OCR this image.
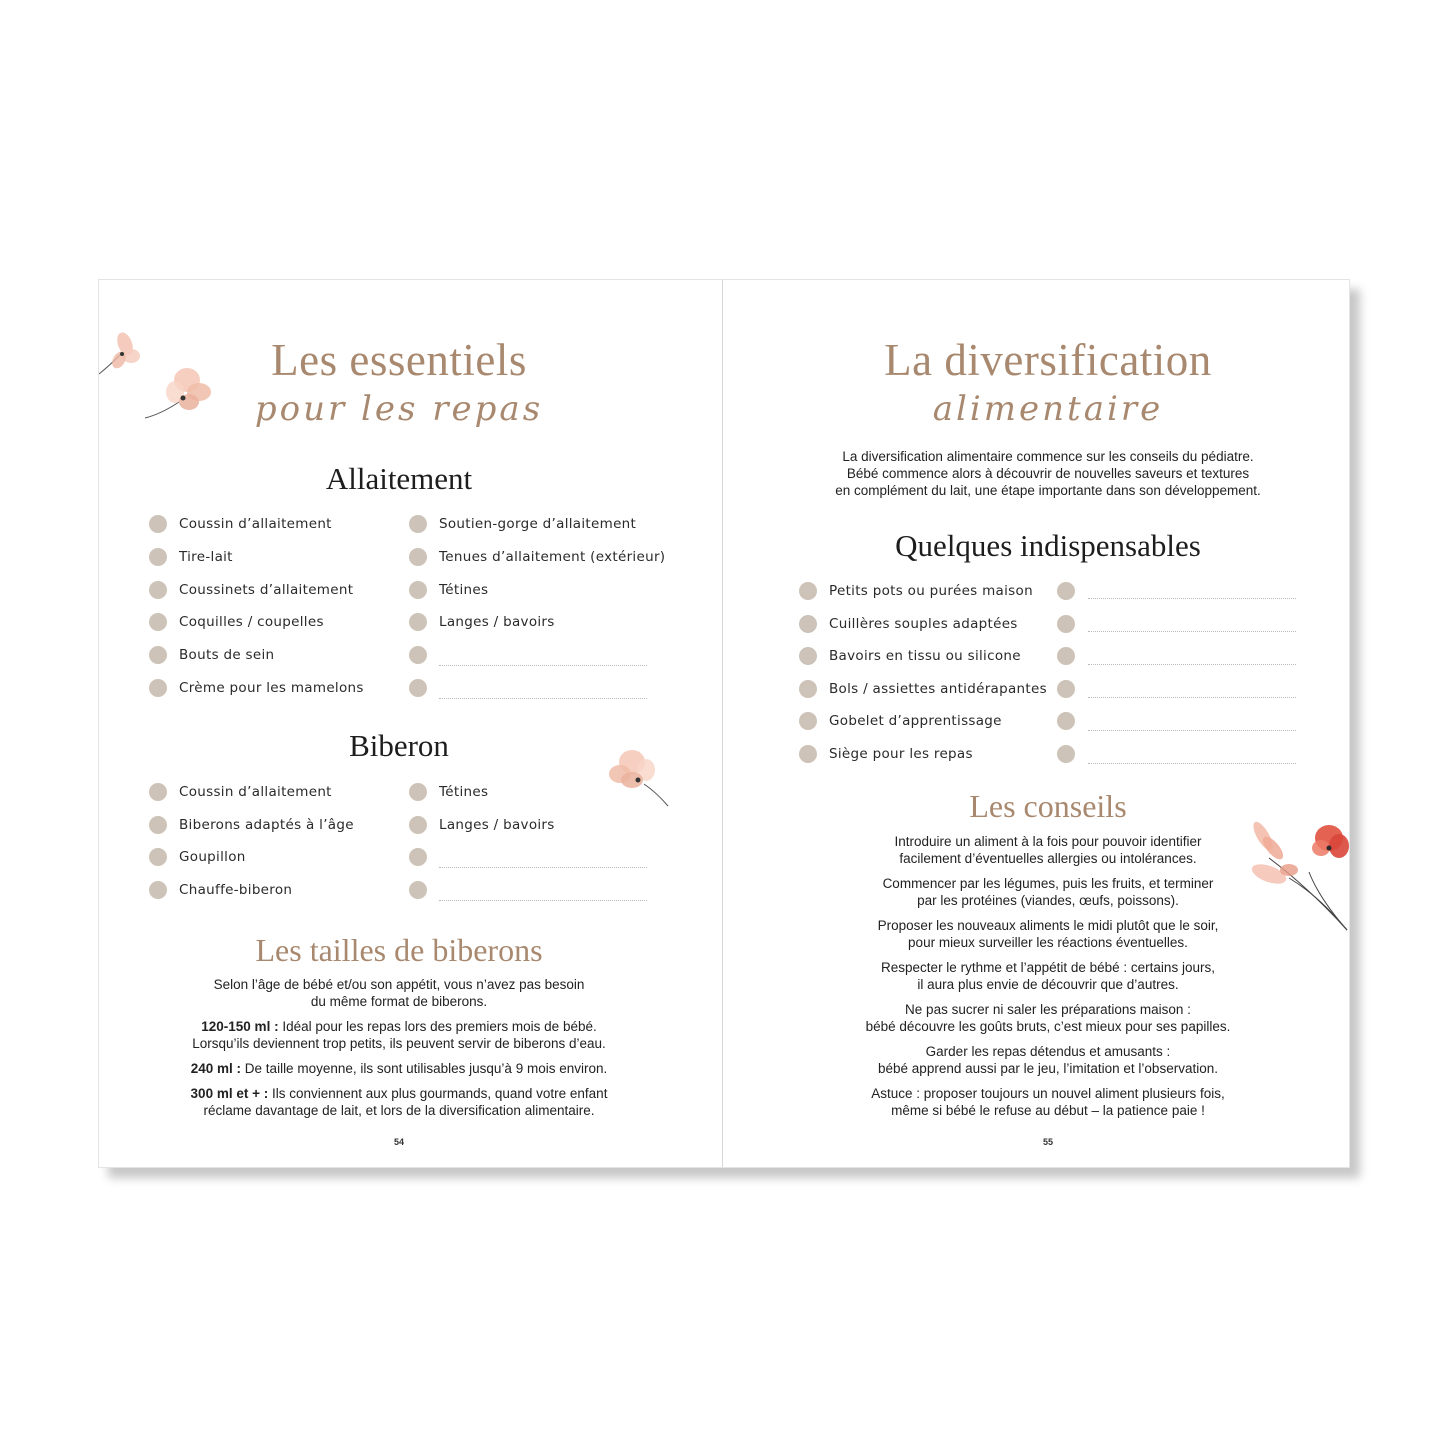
Les essentiels
pour les repas
Allaitement
Coussin d’allaitement
Tire-lait
Coussinets d’allaitement
Coquilles / coupelles
Bouts de sein
Crème pour les mamelons
Soutien-gorge d’allaitement
Tenues d’allaitement (extérieur)
Tétines
Langes / bavoirs
Biberon
Coussin d’allaitement
Biberons adaptés à l’âge
Goupillon
Chauffe-biberon
Tétines
Langes / bavoirs
Les tailles de biberons
Selon l’âge de bébé et/ou son appétit, vous n’avez pas besoin
du même format de biberons.
120-150 ml : Idéal pour les repas lors des premiers mois de bébé.
Lorsqu’ils deviennent trop petits, ils peuvent servir de biberons d’eau.
240 ml : De taille moyenne, ils sont utilisables jusqu’à 9 mois environ.
300 ml et + : Ils conviennent aux plus gourmands, quand votre enfant
réclame davantage de lait, et lors de la diversification alimentaire.
54
La diversification
alimentaire
La diversification alimentaire commence sur les conseils du pédiatre.
Bébé commence alors à découvrir de nouvelles saveurs et textures
en complément du lait, une étape importante dans son développement.
Quelques indispensables
Petits pots ou purées maison
Cuillères souples adaptées
Bavoirs en tissu ou silicone
Bols / assiettes antidérapantes
Gobelet d’apprentissage
Siège pour les repas
Les conseils
Introduire un aliment à la fois pour pouvoir identifier
facilement d’éventuelles allergies ou intolérances.
Commencer par les légumes, puis les fruits, et terminer
par les protéines (viandes, œufs, poissons).
Proposer les nouveaux aliments le midi plutôt que le soir,
pour mieux surveiller les réactions éventuelles.
Respecter le rythme et l’appétit de bébé : certains jours,
il aura plus envie de découvrir que d’autres.
Ne pas sucrer ni saler les préparations maison :
bébé découvre les goûts bruts, c’est mieux pour ses papilles.
Garder les repas détendus et amusants :
bébé apprend aussi par le jeu, l’imitation et l’observation.
Astuce : proposer toujours un nouvel aliment plusieurs fois,
même si bébé le refuse au début – la patience paie !
55
